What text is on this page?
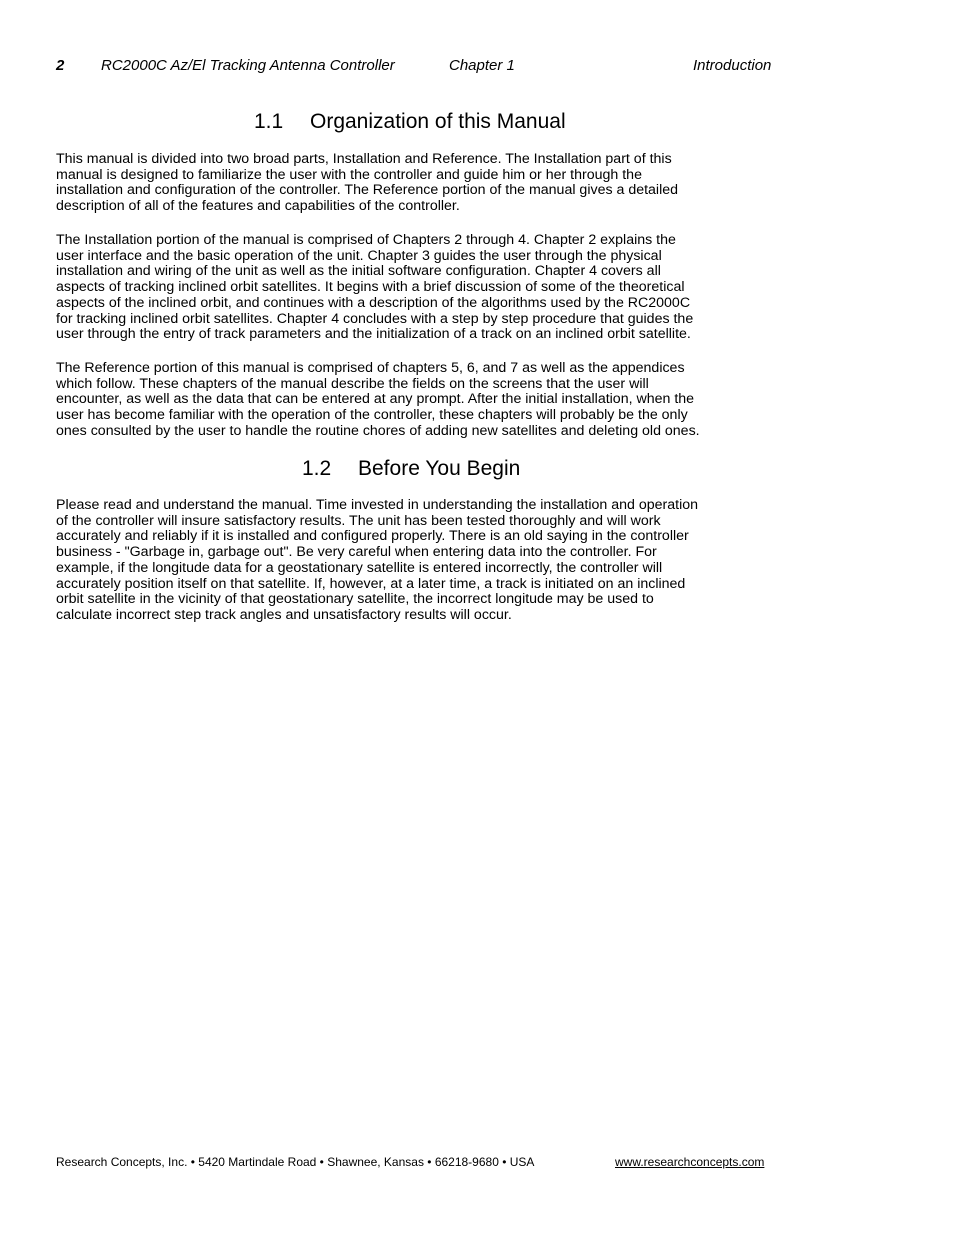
2 RC2000C Az/El Tracking Antenna Controller	Chapter 1	Introduction
1.1 Organization of this Manual

This manual is divided into two broad parts, Installation and Reference. The Installation part of this
manual is designed to familiarize the user with the controller and guide him or her through the
installation and configuration of the controller. The Reference portion of the manual gives a detailed
description of all of the features and capabilities of the controller.

The Installation portion of the manual is comprised of Chapters 2 through 4. Chapter 2 explains the
user interface and the basic operation of the unit. Chapter 3 guides the user through the physical
installation and wiring of the unit as well as the initial software configuration. Chapter 4 covers all
aspects of tracking inclined orbit satellites. It begins with a brief discussion of some of the theoretical
aspects of the inclined orbit, and continues with a description of the algorithms used by the RC2000C
for tracking inclined orbit satellites. Chapter 4 concludes with a step by step procedure that guides the
user through the entry of track parameters and the initialization of a track on an inclined orbit satellite.

The Reference portion of this manual is comprised of chapters 5, 6, and 7 as well as the appendices
which follow. These chapters of the manual describe the fields on the screens that the user will
encounter, as well as the data that can be entered at any prompt. After the initial installation, when the
user has become familiar with the operation of the controller, these chapters will probably be the only
ones consulted by the user to handle the routine chores of adding new satellites and deleting old ones.

1.2 Before You Begin

Please read and understand the manual. Time invested in understanding the installation and operation
of the controller will insure satisfactory results. The unit has been tested thoroughly and will work
accurately and reliably if it is installed and configured properly. There is an old saying in the controller
business - "Garbage in, garbage out". Be very careful when entering data into the controller. For
example, if the longitude data for a geostationary satellite is entered incorrectly, the controller will
accurately position itself on that satellite. If, however, at a later time, a track is initiated on an inclined
orbit satellite in the vicinity of that geostationary satellite, the incorrect longitude may be used to
calculate incorrect step track angles and unsatisfactory results will occur.

Research Concepts, Inc. • 5420 Martindale Road • Shawnee, Kansas • 66218-9680 • USA	www.researchconcepts.com
